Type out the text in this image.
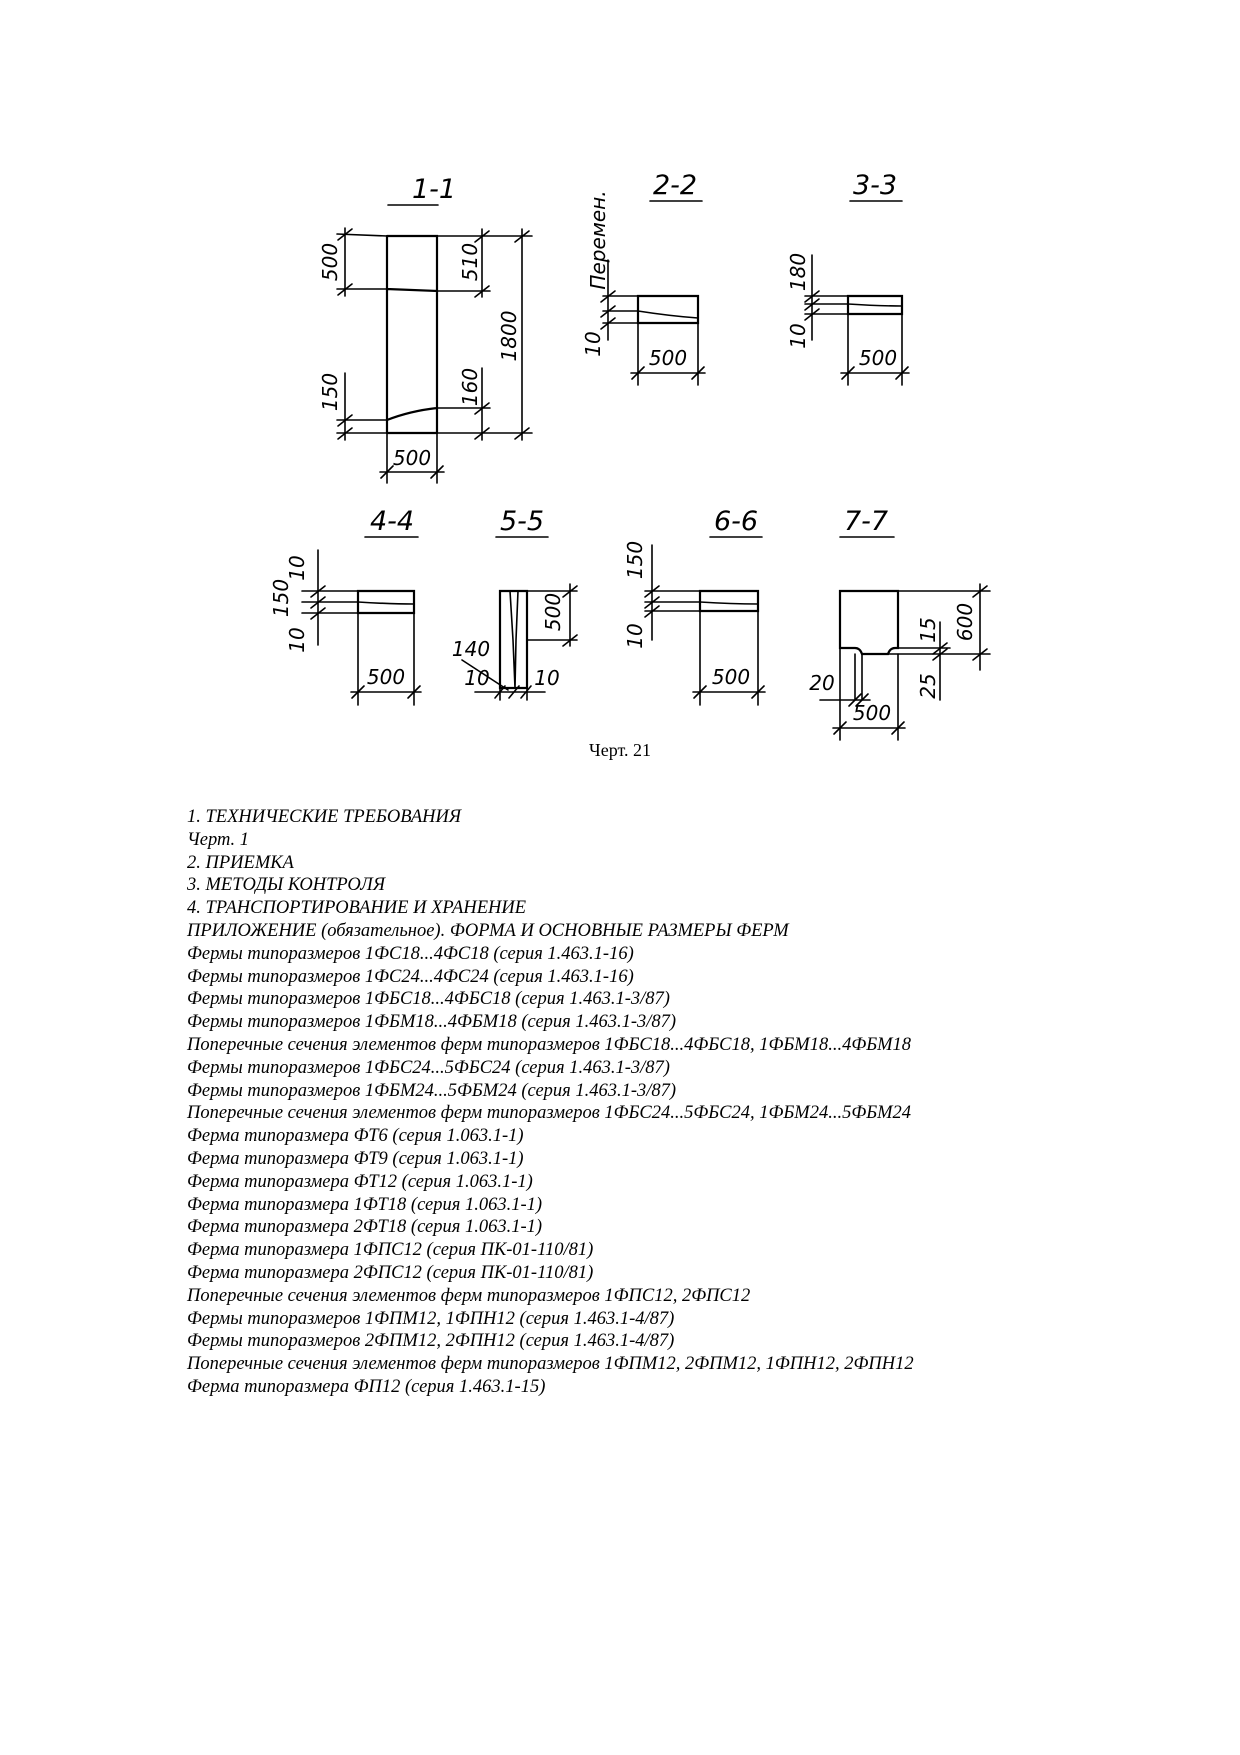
1-1
500	510
150	160
1800
500
2-2
Перемен.
10
500
3-3
180
10
500
4-4
10
150
10
500
5-5
500
140
10 10
6-6
150
10
500
7-7
15 600
20	25
500
Черт. 21
1. ТЕХНИЧЕСКИЕ ТРЕБОВАНИЯ
Черт. 1
2. ПРИЕМКА
3. МЕТОДЫ КОНТРОЛЯ
4. ТРАНСПОРТИРОВАНИЕ И ХРАНЕНИЕ
ПРИЛОЖЕНИЕ (обязательное). ФОРМА И ОСНОВНЫЕ РАЗМЕРЫ ФЕРМ
Фермы типоразмеров 1ФС18...4ФС18 (серия 1.463.1-16)
Фермы типоразмеров 1ФС24...4ФС24 (серия 1.463.1-16)
Фермы типоразмеров 1ФБС18...4ФБС18 (серия 1.463.1-3/87)
Фермы типоразмеров 1ФБМ18...4ФБМ18 (серия 1.463.1-3/87)
Поперечные сечения элементов ферм типоразмеров 1ФБС18...4ФБС18, 1ФБМ18...4ФБМ18
Фермы типоразмеров 1ФБС24...5ФБС24 (серия 1.463.1-3/87)
Фермы типоразмеров 1ФБМ24...5ФБМ24 (серия 1.463.1-3/87)
Поперечные сечения элементов ферм типоразмеров 1ФБС24...5ФБС24, 1ФБМ24...5ФБМ24
Ферма типоразмера ФТ6 (серия 1.063.1-1)
Ферма типоразмера ФТ9 (серия 1.063.1-1)
Ферма типоразмера ФТ12 (серия 1.063.1-1)
Ферма типоразмера 1ФТ18 (серия 1.063.1-1)
Ферма типоразмера 2ФТ18 (серия 1.063.1-1)
Ферма типоразмера 1ФПС12 (серия ПК-01-110/81)
Ферма типоразмера 2ФПС12 (серия ПК-01-110/81)
Поперечные сечения элементов ферм типоразмеров 1ФПС12, 2ФПС12
Фермы типоразмеров 1ФПМ12, 1ФПН12 (серия 1.463.1-4/87)
Фермы типоразмеров 2ФПМ12, 2ФПН12 (серия 1.463.1-4/87)
Поперечные сечения элементов ферм типоразмеров 1ФПМ12, 2ФПМ12, 1ФПН12, 2ФПН12
Ферма типоразмера ФП12 (серия 1.463.1-15)
